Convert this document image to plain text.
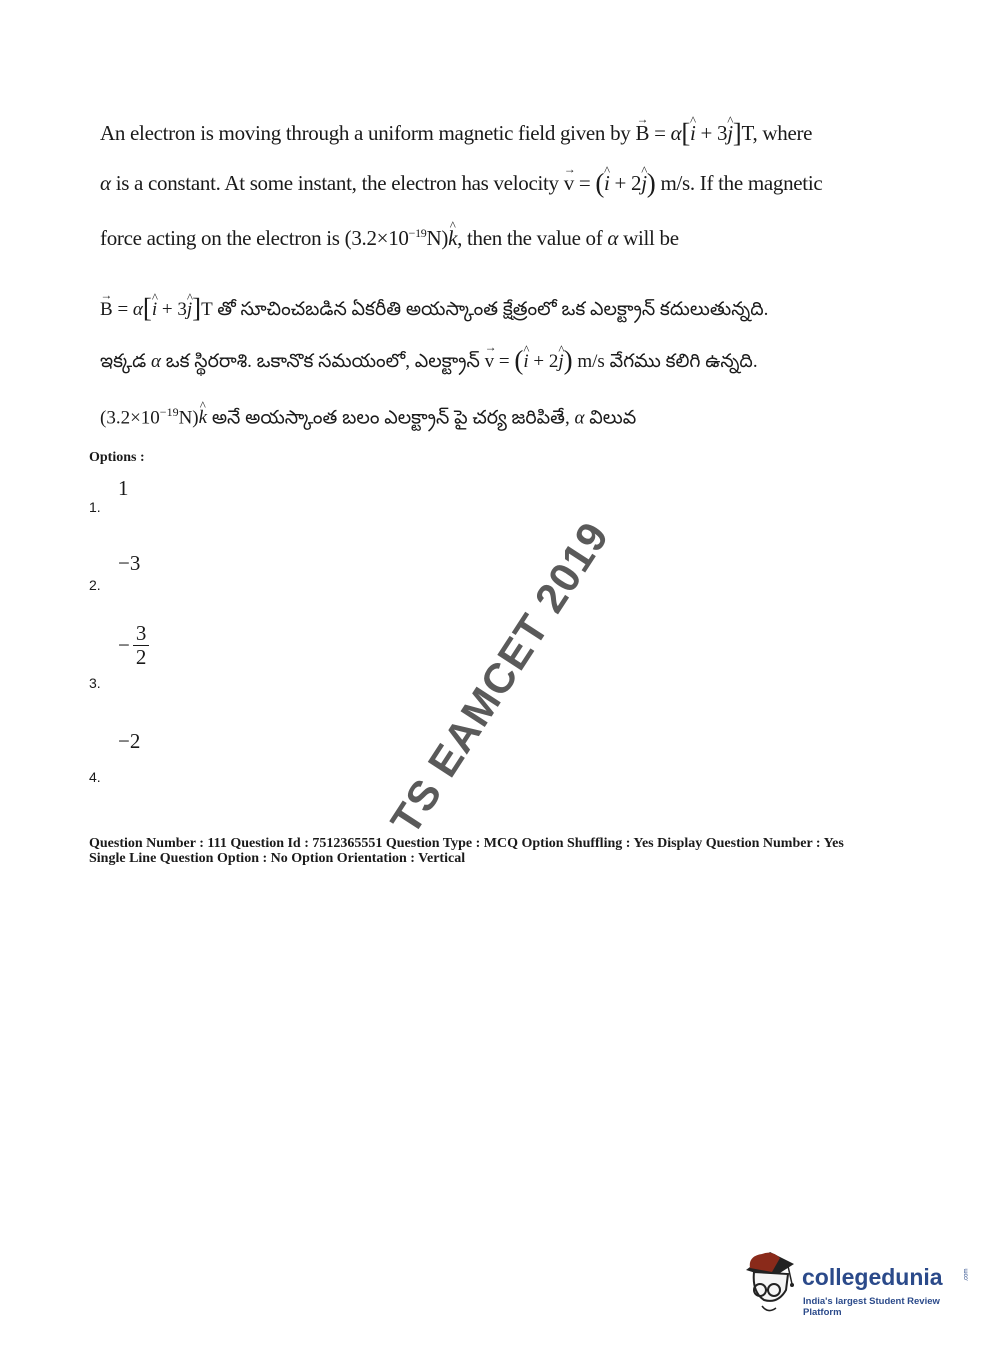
An electron is moving through a uniform magnetic field given by → B = α[^ i + 3^ j]T, where
α is a constant. At some instant, the electron has velocity → v = (^ i + 2^ j) m/s. If the magnetic
force acting on the electron is $(3.2\times 10^{-19}N)\^{}$ k, then the value of α will be
→ B = α[^ i + 3^ j]T తో సూచించబడిన ఏకరీతి అయస్కాంత క్షేత్రంలో ఒక ఎలక్ట్రాన్ కదులుతున్నది.
ఇక్కడ α ఒక స్థిరరాశి. ఒకానొక సమయంలో, ఎలక్ట్రాన్ → v = (^ i + 2^ j) m/s వేగము కలిగి ఉన్నది.
$(3.2\times 10^{-19}N)\^{}$ k అనే అయస్కాంత బలం ఎలక్ట్రాన్ పై చర్య జరిపితే, α విలువ
Options :
1.
1
2.
−3
− $\frac{3}{2}$
3.
−2
4.
Question Number : 111 Question Id : 7512365551 Question Type : MCQ Option Shuffling : Yes Display Question Number : Yes
Single Line Question Option : No Option Orientation : Vertical
TS EAMCET 2019
collegedunia	.com
India's largest Student Review Platform
